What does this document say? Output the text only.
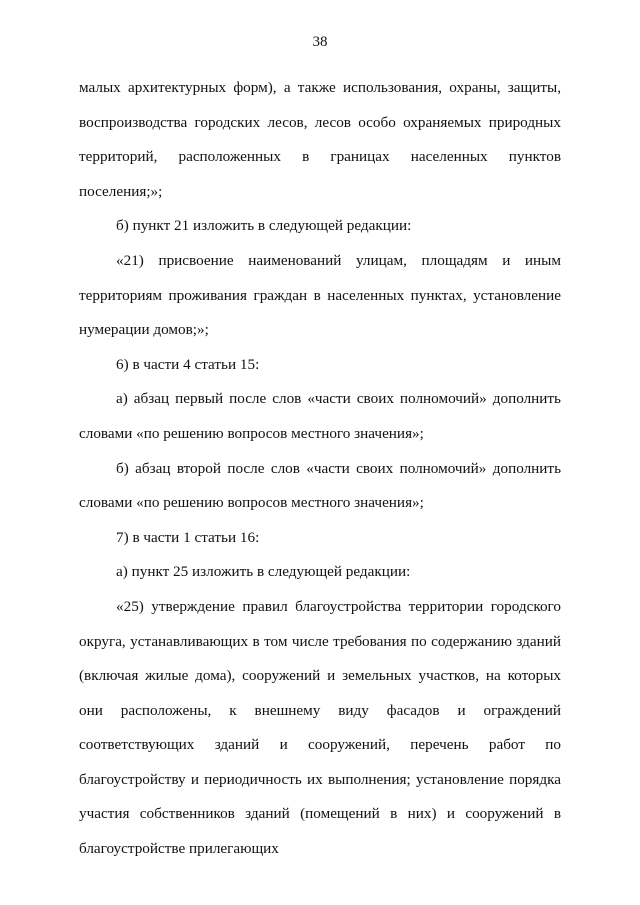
38

малых архитектурных форм), а также использования, охраны, защиты, воспроизводства городских лесов, лесов особо охраняемых природных территорий, расположенных в границах населенных пунктов поселения;»;

б) пункт 21 изложить в следующей редакции:

«21) присвоение наименований улицам, площадям и иным территориям проживания граждан в населенных пунктах, установление нумерации домов;»;

6) в части 4 статьи 15:

а) абзац первый после слов «части своих полномочий» дополнить словами «по решению вопросов местного значения»;

б) абзац второй после слов «части своих полномочий» дополнить словами «по решению вопросов местного значения»;

7) в части 1 статьи 16:

а) пункт 25 изложить в следующей редакции:

«25) утверждение правил благоустройства территории городского округа, устанавливающих в том числе требования по содержанию зданий (включая жилые дома), сооружений и земельных участков, на которых они расположены, к внешнему виду фасадов и ограждений соответствующих зданий и сооружений, перечень работ по благоустройству и периодичность их выполнения; установление порядка участия собственников зданий (помещений в них) и сооружений в благоустройстве прилегающих
